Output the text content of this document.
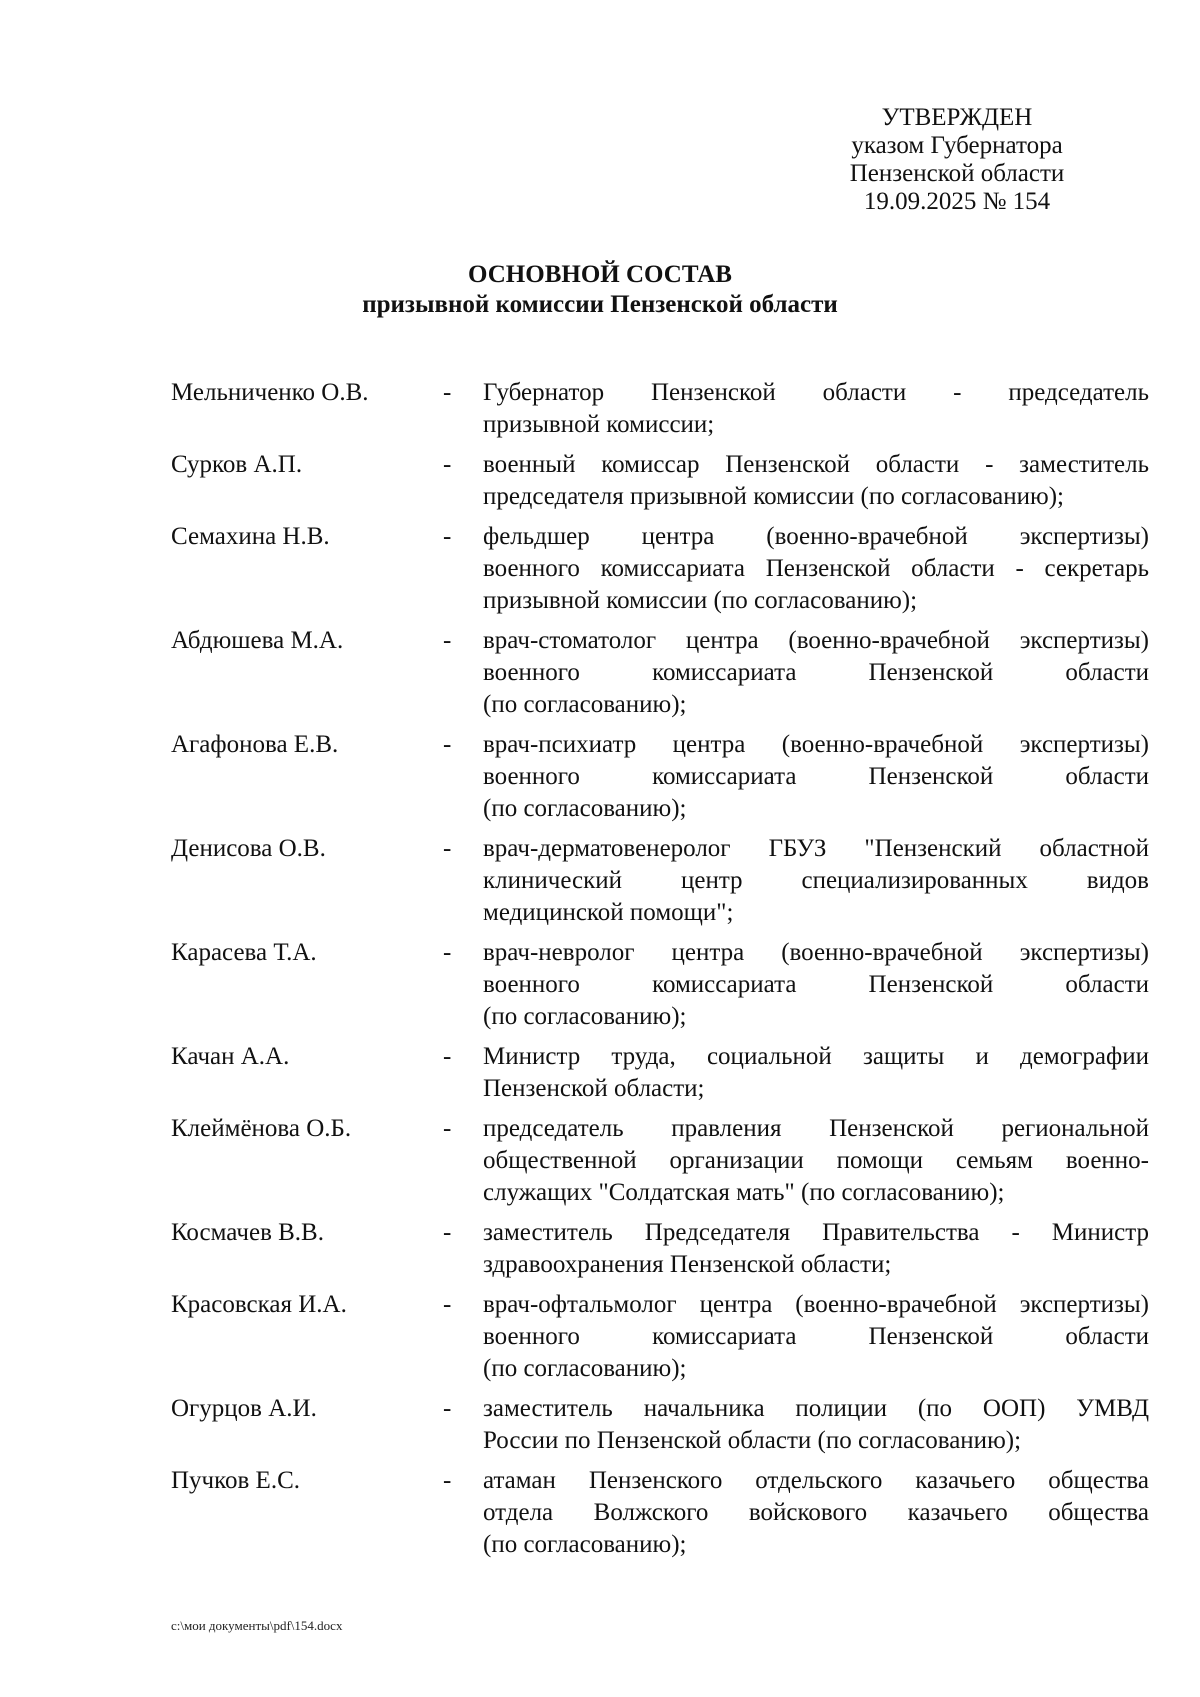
УТВЕРЖДЕН
указом Губернатора
Пензенской области
19.09.2025 № 154
ОСНОВНОЙ СОСТАВ
призывной комиссии Пензенской области
Мельниченко О.В.	-	Губернатор Пензенской области - председатель
призывной комиссии;
Сурков А.П.	-	военный комиссар Пензенской области - заместитель
председателя призывной комиссии (по согласованию);
Семахина Н.В.	-	фельдшер центра (военно-врачебной экспертизы)
военного комиссариата Пензенской области - секретарь
призывной комиссии (по согласованию);
Абдюшева М.А.	-	врач-стоматолог центра (военно-врачебной экспертизы)
военного комиссариата Пензенской области
(по согласованию);
Агафонова Е.В.	-	врач-психиатр центра (военно-врачебной экспертизы)
военного комиссариата Пензенской области
(по согласованию);
Денисова О.В.	-	врач-дерматовенеролог ГБУЗ "Пензенский областной
клинический центр специализированных видов
медицинской помощи";
Карасева Т.А.	-	врач-невролог центра (военно-врачебной экспертизы)
военного комиссариата Пензенской области
(по согласованию);
Качан А.А.	-	Министр труда, социальной защиты и демографии
Пензенской области;
Клеймёнова О.Б.	-	председатель правления Пензенской региональной
общественной организации помощи семьям военно-
служащих "Солдатская мать" (по согласованию);
Космачев В.В.	-	заместитель Председателя Правительства - Министр
здравоохранения Пензенской области;
Красовская И.А.	-	врач-офтальмолог центра (военно-врачебной экспертизы)
военного комиссариата Пензенской области
(по согласованию);
Огурцов А.И.	-	заместитель начальника полиции (по ООП) УМВД
России по Пензенской области (по согласованию);
Пучков Е.С.	-	атаман Пензенского отдельского казачьего общества
отдела Волжского войскового казачьего общества
(по согласованию);
c:\мои документы\pdf\154.docx
